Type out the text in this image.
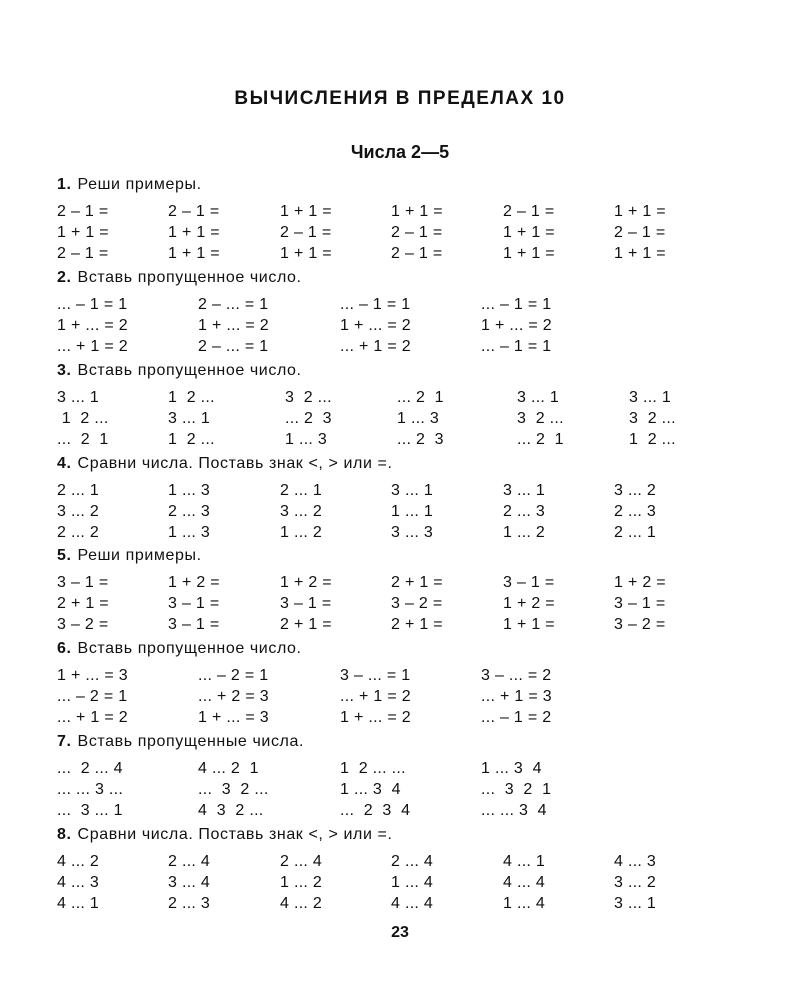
ВЫЧИСЛЕНИЯ В ПРЕДЕЛАХ 10
Числа 2—5
1. Реши примеры.
2 – 1 =	2 – 1 =	1 + 1 =	1 + 1 =	2 – 1 =	1 + 1 =
1 + 1 =	1 + 1 =	2 – 1 =	2 – 1 =	1 + 1 =	2 – 1 =
2 – 1 =	1 + 1 =	1 + 1 =	2 – 1 =	1 + 1 =	1 + 1 =
2. Вставь пропущенное число.
... – 1 = 1	2 – ... = 1	... – 1 = 1	... – 1 = 1
1 + ... = 2	1 + ... = 2	1 + ... = 2	1 + ... = 2
... + 1 = 2	2 – ... = 1	... + 1 = 2	... – 1 = 1
3. Вставь пропущенное число.
3 ... 1	1  2 ...	3  2 ...	... 2  1	3 ... 1	3 ... 1
1  2 ...	3 ... 1	... 2  3	1 ... 3	3  2 ...	3  2 ...
...  2  1	1  2 ...	1 ... 3	... 2  3	... 2  1	1  2 ...
4. Сравни числа. Поставь знак <, > или =.
2 ... 1	1 ... 3	2 ... 1	3 ... 1	3 ... 1	3 ... 2
3 ... 2	2 ... 3	3 ... 2	1 ... 1	2 ... 3	2 ... 3
2 ... 2	1 ... 3	1 ... 2	3 ... 3	1 ... 2	2 ... 1
5. Реши примеры.
3 – 1 =	1 + 2 =	1 + 2 =	2 + 1 =	3 – 1 =	1 + 2 =
2 + 1 =	3 – 1 =	3 – 1 =	3 – 2 =	1 + 2 =	3 – 1 =
3 – 2 =	3 – 1 =	2 + 1 =	2 + 1 =	1 + 1 =	3 – 2 =
6. Вставь пропущенное число.
1 + ... = 3	... – 2 = 1	3 – ... = 1	3 – ... = 2
... – 2 = 1	... + 2 = 3	... + 1 = 2	... + 1 = 3
... + 1 = 2	1 + ... = 3	1 + ... = 2	... – 1 = 2
7. Вставь пропущенные числа.
...  2 ... 4	4 ... 2  1	1  2 ... ...	1 ... 3  4
... ... 3 ...	...  3  2 ...	1 ... 3  4	...  3  2  1
...  3 ... 1	4  3  2 ...	...  2  3  4	... ... 3  4
8. Сравни числа. Поставь знак <, > или =.
4 ... 2	2 ... 4	2 ... 4	2 ... 4	4 ... 1	4 ... 3
4 ... 3	3 ... 4	1 ... 2	1 ... 4	4 ... 4	3 ... 2
4 ... 1	2 ... 3	4 ... 2	4 ... 4	1 ... 4	3 ... 1
23
